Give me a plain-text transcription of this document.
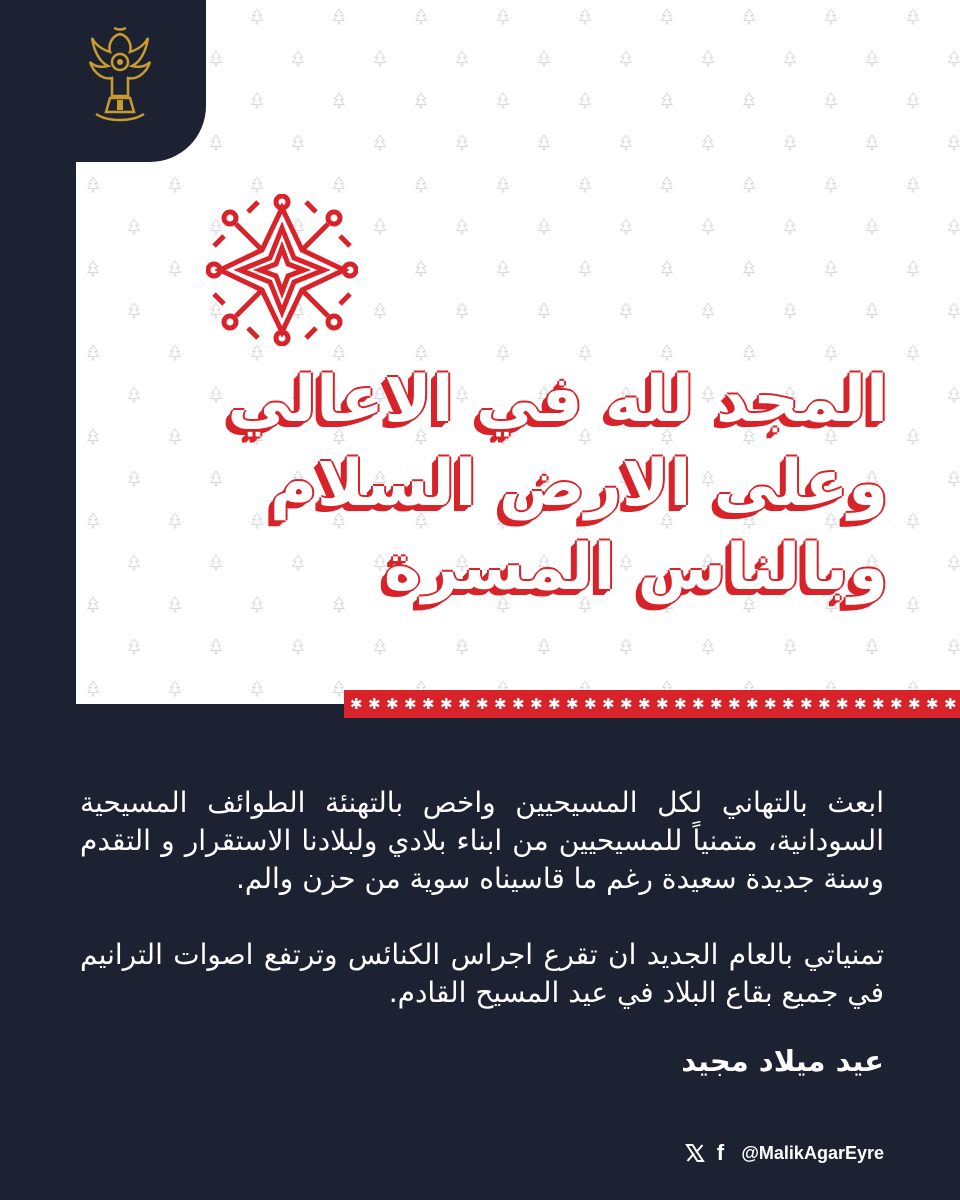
المجد لله في الاعالي
وعلى الارض السلام
وبالناس المسرة
✱ ✱ ✱ ✱ ✱ ✱ ✱ ✱ ✱ ✱ ✱ ✱ ✱ ✱ ✱ ✱ ✱ ✱ ✱ ✱ ✱ ✱ ✱ ✱ ✱ ✱ ✱ ✱ ✱ ✱ ✱ ✱ ✱ ✱

ابعث بالتهاني لكل المسيحيين واخص بالتهنئة الطوائف المسيحية السودانية، متمنياً للمسيحيين من ابناء بلادي ولبلادنا الاستقرار و التقدم وسنة جديدة سعيدة رغم ما قاسيناه سوية من حزن والم.

تمنياتي بالعام الجديد ان تقرع اجراس الكنائس وترتفع اصوات الترانيم في جميع بقاع البلاد في عيد المسيح القادم.

عيد ميلاد مجيد
f @MalikAgarEyre
